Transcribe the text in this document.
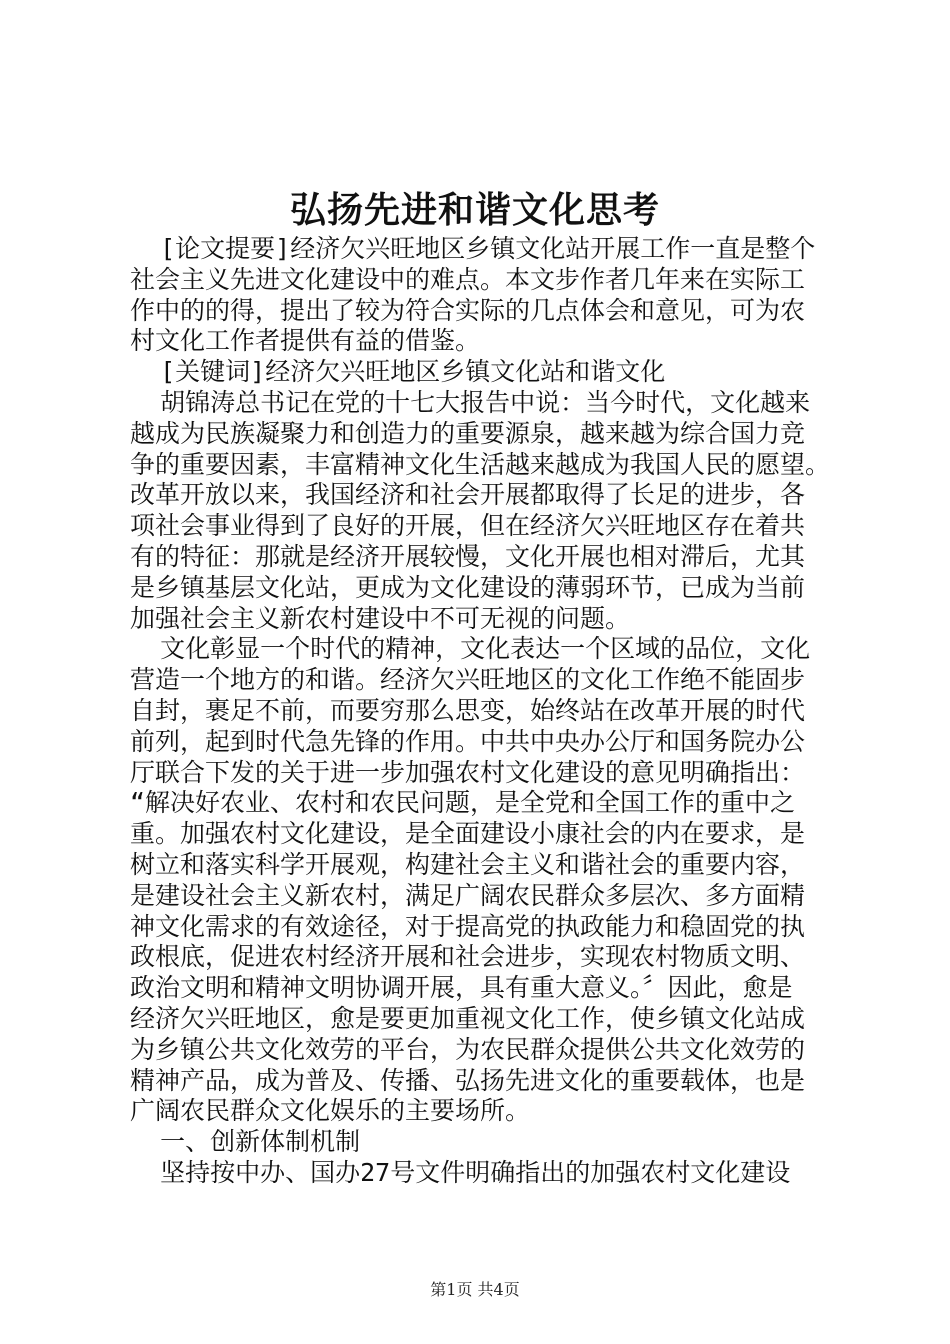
弘扬先进和谐文化思考
[论文提要]经济欠兴旺地区乡镇文化站开展工作一直是整个
社会主义先进文化建设中的难点。本文步作者几年来在实际工
作中的的得，提出了较为符合实际的几点体会和意见，可为农
村文化工作者提供有益的借鉴。
[关键词]经济欠兴旺地区乡镇文化站和谐文化
胡锦涛总书记在党的十七大报告中说：当今时代，文化越来
越成为民族凝聚力和创造力的重要源泉，越来越为综合国力竞
争的重要因素，丰富精神文化生活越来越成为我国人民的愿望。
改革开放以来，我国经济和社会开展都取得了长足的进步，各
项社会事业得到了良好的开展，但在经济欠兴旺地区存在着共
有的特征：那就是经济开展较慢，文化开展也相对滞后，尤其
是乡镇基层文化站，更成为文化建设的薄弱环节，已成为当前
加强社会主义新农村建设中不可无视的问题。
文化彰显一个时代的精神，文化表达一个区域的品位，文化
营造一个地方的和谐。经济欠兴旺地区的文化工作绝不能固步
自封，裹足不前，而要穷那么思变，始终站在改革开展的时代
前列，起到时代急先锋的作用。中共中央办公厅和国务院办公
厅联合下发的关于进一步加强农村文化建设的意见明确指出：
“解决好农业、农村和农民问题，是全党和全国工作的重中之
重。加强农村文化建设，是全面建设小康社会的内在要求，是
树立和落实科学开展观，构建社会主义和谐社会的重要内容，
是建设社会主义新农村，满足广阔农民群众多层次、多方面精
神文化需求的有效途径，对于提高党的执政能力和稳固党的执
政根底，促进农村经济开展和社会进步，实现农村物质文明、
政治文明和精神文明协调开展，具有重大意义。〞因此，愈是
经济欠兴旺地区，愈是要更加重视文化工作，使乡镇文化站成
为乡镇公共文化效劳的平台，为农民群众提供公共文化效劳的
精神产品，成为普及、传播、弘扬先进文化的重要载体，也是
广阔农民群众文化娱乐的主要场所。
一、创新体制机制
坚持按中办、国办27号文件明确指出的加强农村文化建设
第1页 共4页
